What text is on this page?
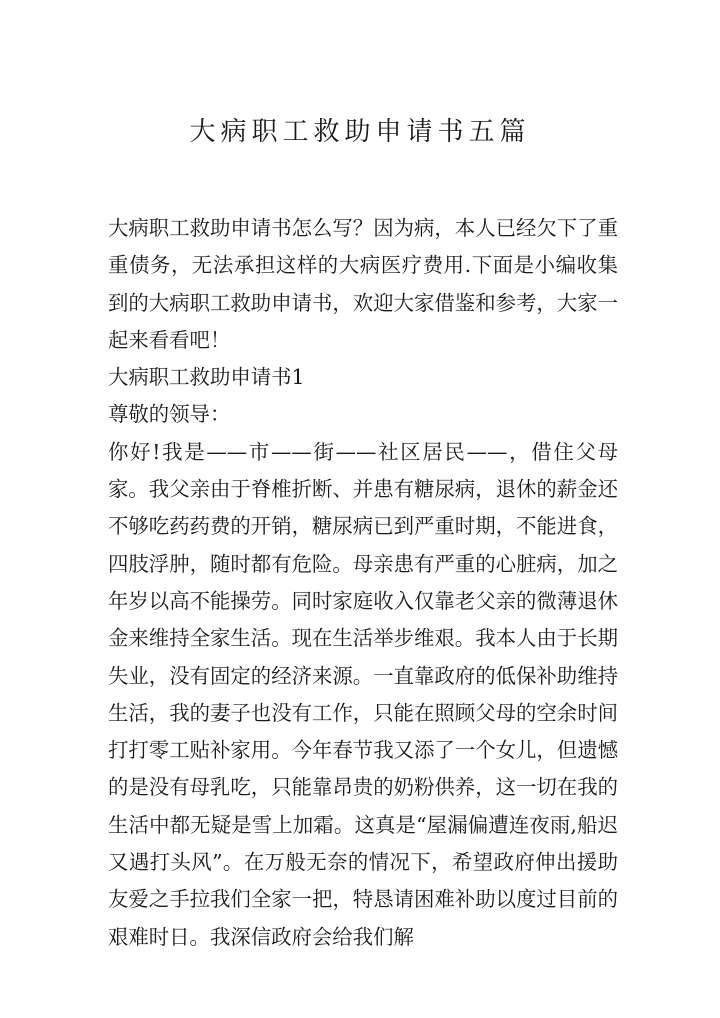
大病职工救助申请书五篇

大病职工救助申请书怎么写？因为病，本人已经欠下了重重债务，无法承担这样的大病医疗费用.下面是小编收集到的大病职工救助申请书，欢迎大家借鉴和参考，大家一起来看看吧！

大病职工救助申请书1

尊敬的领导：

你好!我是——市——街——社区居民——，借住父母家。我父亲由于脊椎折断、并患有糖尿病，退休的薪金还不够吃药药费的开销，糖尿病已到严重时期，不能进食，四肢浮肿，随时都有危险。母亲患有严重的心脏病，加之年岁以高不能操劳。同时家庭收入仅靠老父亲的微薄退休金来维持全家生活。现在生活举步维艰。我本人由于长期失业，没有固定的经济来源。一直靠政府的低保补助维持生活，我的妻子也没有工作，只能在照顾父母的空余时间打打零工贴补家用。今年春节我又添了一个女儿，但遗憾的是没有母乳吃，只能靠昂贵的奶粉供养，这一切在我的生活中都无疑是雪上加霜。这真是“屋漏偏遭连夜雨,船迟又遇打头风”。在万般无奈的情况下，希望政府伸出援助友爱之手拉我们全家一把，特恳请困难补助以度过目前的艰难时日。我深信政府会给我们解
